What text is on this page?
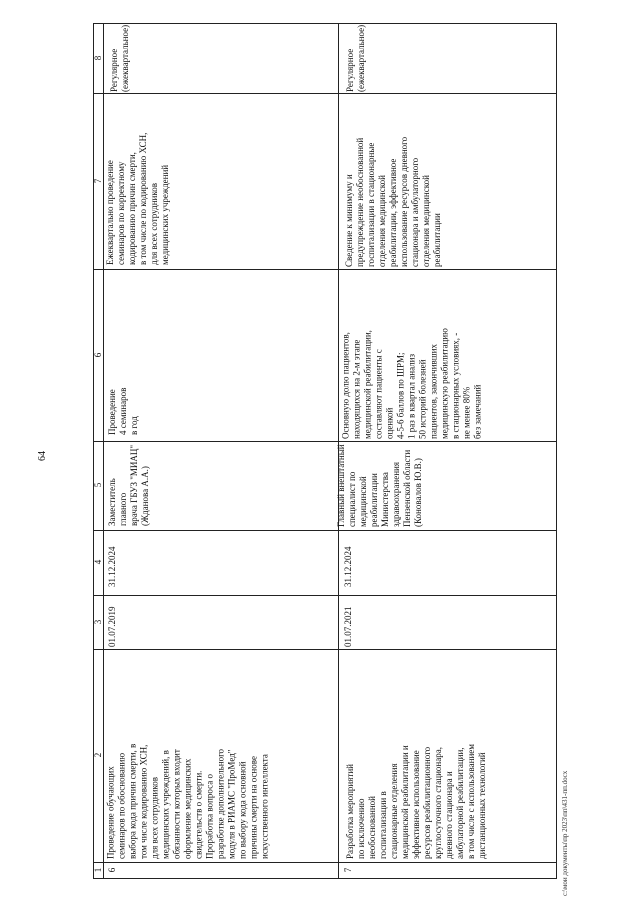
64
c:\мои документы\пр 2023\пп\431-пп.docx
1
2
3
4
5
6
7
8
6
Проведение обучающих
семинаров по обоснованию
выбора кода причин смерти, в
том числе кодированию ХСН,
для всех сотрудников
медицинских учреждений, в
обязанности которых входит
оформление медицинских
свидетельств о смерти.
Проработка вопроса о
разработке дополнительного
модуля в РИАМС "ПроМед"
по выбору кода основной
причины смерти на основе
искусственного интеллекта
01.07.2019
31.12.2024
Заместитель главного
врача ГБУЗ "МИАЦ"
(Жданова А.А.)
Проведение
4 семинаров
в год
Ежеквартально проведение
семинаров по корректному
кодированию причин смерти,
в том числе по кодированию ХСН,
для всех сотрудников
медицинских учреждений
Регулярное
(ежеквартальное)
7
Разработка мероприятий
по исключению
необоснованной
госпитализации в
стационарные отделения
медицинской реабилитации и
эффективное использование
ресурсов реабилитационного
круглосуточного стационара,
дневного стационара и
амбулаторной реабилитации,
в том числе с использованием
дистанционных технологий
01.07.2021
31.12.2024
Главный внештатный
специалист по
медицинской
реабилитации
Министерства
здравоохранения
Пензенской области
(Коновалов Ю.В.)
Основную долю пациентов,
находящихся на 2-м этапе
медицинской реабилитации,
составляют пациенты с
оценкой
4-5-6 баллов по ШРМ;
1 раз в квартал анализ
50 историй болезней
пациентов, закончивших
медицинскую реабилитацию
в стационарных условиях, -
не менее 80%
без замечаний
Сведение к минимуму и
предупреждение необоснованной
госпитализации в стационарные
отделения медицинской
реабилитации, эффективное
использование ресурсов дневного
стационара и амбулаторного
отделения медицинской
реабилитации
Регулярное
(ежеквартальное)
